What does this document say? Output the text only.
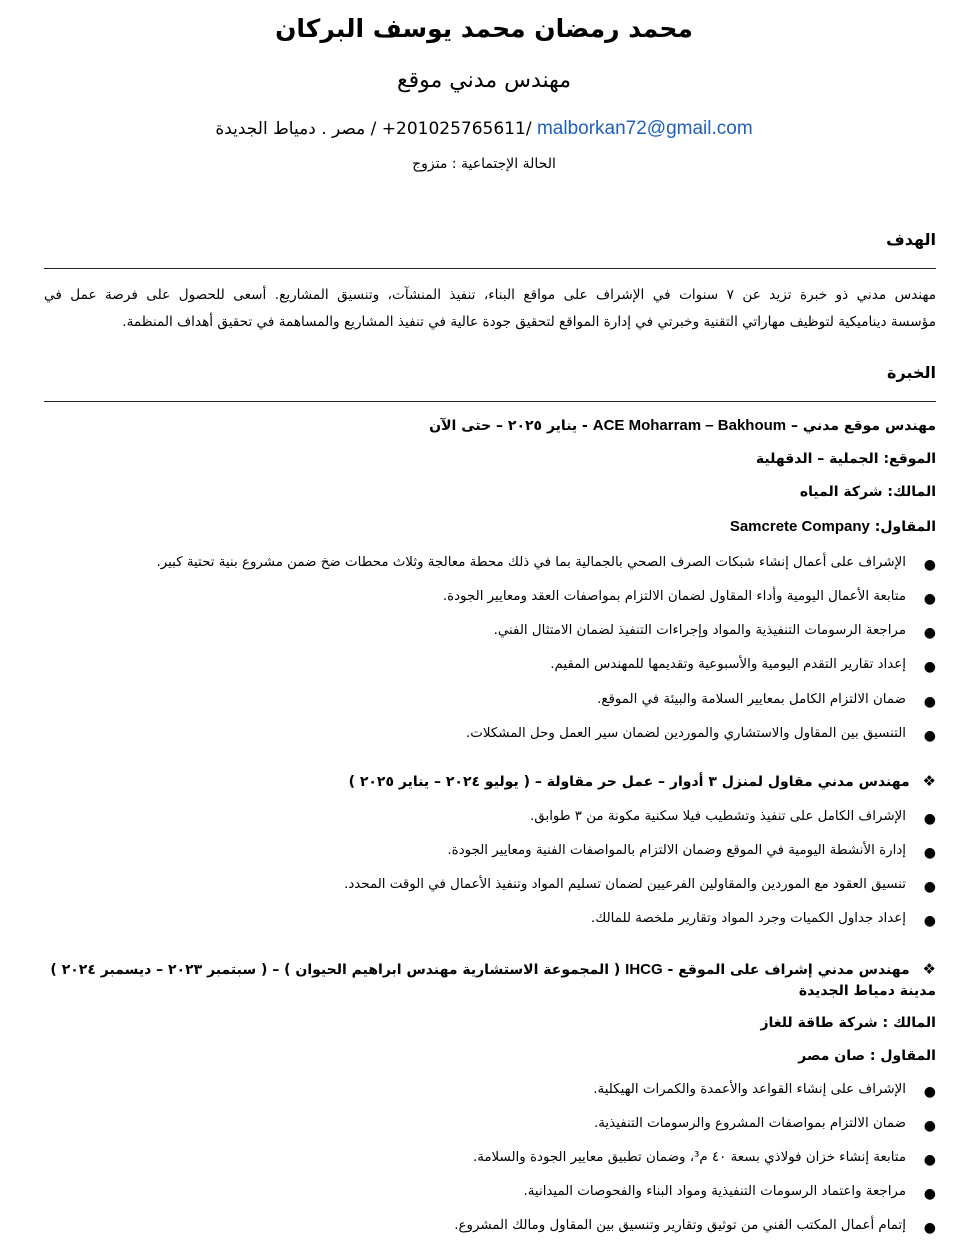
محمد رمضان محمد يوسف البركان
مهندس مدني موقع
مصر . دمياط الجديدة / +201025765611/ malborkan72@gmail.com
الحالة الإجتماعية : متزوج
الهدف

مهندس مدني ذو خبرة تزيد عن ٧ سنوات في الإشراف على مواقع البناء، تنفيذ المنشآت، وتنسيق المشاريع. أسعى للحصول على فرصة عمل في

مؤسسة ديناميكية لتوظيف مهاراتي التقنية وخبرتي في إدارة المواقع لتحقيق جودة عالية في تنفيذ المشاريع والمساهمة في تحقيق أهداف المنظمة.

الخبرة
مهندس موقع مدني – ACE Moharram – Bakhoum - يناير ٢٠٢٥ – حتى الآن
الموقع: الجملية – الدقهلية
المالك: شركة المياه
المقاول: Samcrete Company
●
الإشراف على أعمال إنشاء شبكات الصرف الصحي بالجمالية بما في ذلك محطة معالجة وثلاث محطات ضخ ضمن مشروع بنية تحتية كبير.
●
متابعة الأعمال اليومية وأداء المقاول لضمان الالتزام بمواصفات العقد ومعايير الجودة.
●
مراجعة الرسومات التنفيذية والمواد وإجراءات التنفيذ لضمان الامتثال الفني.
●
إعداد تقارير التقدم اليومية والأسبوعية وتقديمها للمهندس المقيم.
●
ضمان الالتزام الكامل بمعايير السلامة والبيئة في الموقع.
●
التنسيق بين المقاول والاستشاري والموردين لضمان سير العمل وحل المشكلات.
❖ مهندس مدني مقاول لمنزل ٣ أدوار – عمل حر مقاولة – ( يوليو ٢٠٢٤ – يناير ٢٠٢٥ )
●
الإشراف الكامل على تنفيذ وتشطيب فيلا سكنية مكونة من ٣ طوابق.
●
إدارة الأنشطة اليومية في الموقع وضمان الالتزام بالمواصفات الفنية ومعايير الجودة.
●
تنسيق العقود مع الموردين والمقاولين الفرعيين لضمان تسليم المواد وتنفيذ الأعمال في الوقت المحدد.
●
إعداد جداول الكميات وجرد المواد وتقارير ملخصة للمالك.
❖ مهندس مدني إشراف على الموقع - IHCG ( المجموعة الاستشارية مهندس ابراهيم الحيوان ) – ( سبتمبر ٢٠٢٣ – ديسمبر ٢٠٢٤ )
مدينة دمياط الجديدة
المالك : شركة طاقة للغاز
المقاول : صان مصر
●
الإشراف على إنشاء القواعد والأعمدة والكمرات الهيكلية.
●
ضمان الالتزام بمواصفات المشروع والرسومات التنفيذية.
●
متابعة إنشاء خزان فولاذي بسعة ٤٠ م³، وضمان تطبيق معايير الجودة والسلامة.
●
مراجعة واعتماد الرسومات التنفيذية ومواد البناء والفحوصات الميدانية.
●
إتمام أعمال المكتب الفني من توثيق وتقارير وتنسيق بين المقاول ومالك المشروع.
